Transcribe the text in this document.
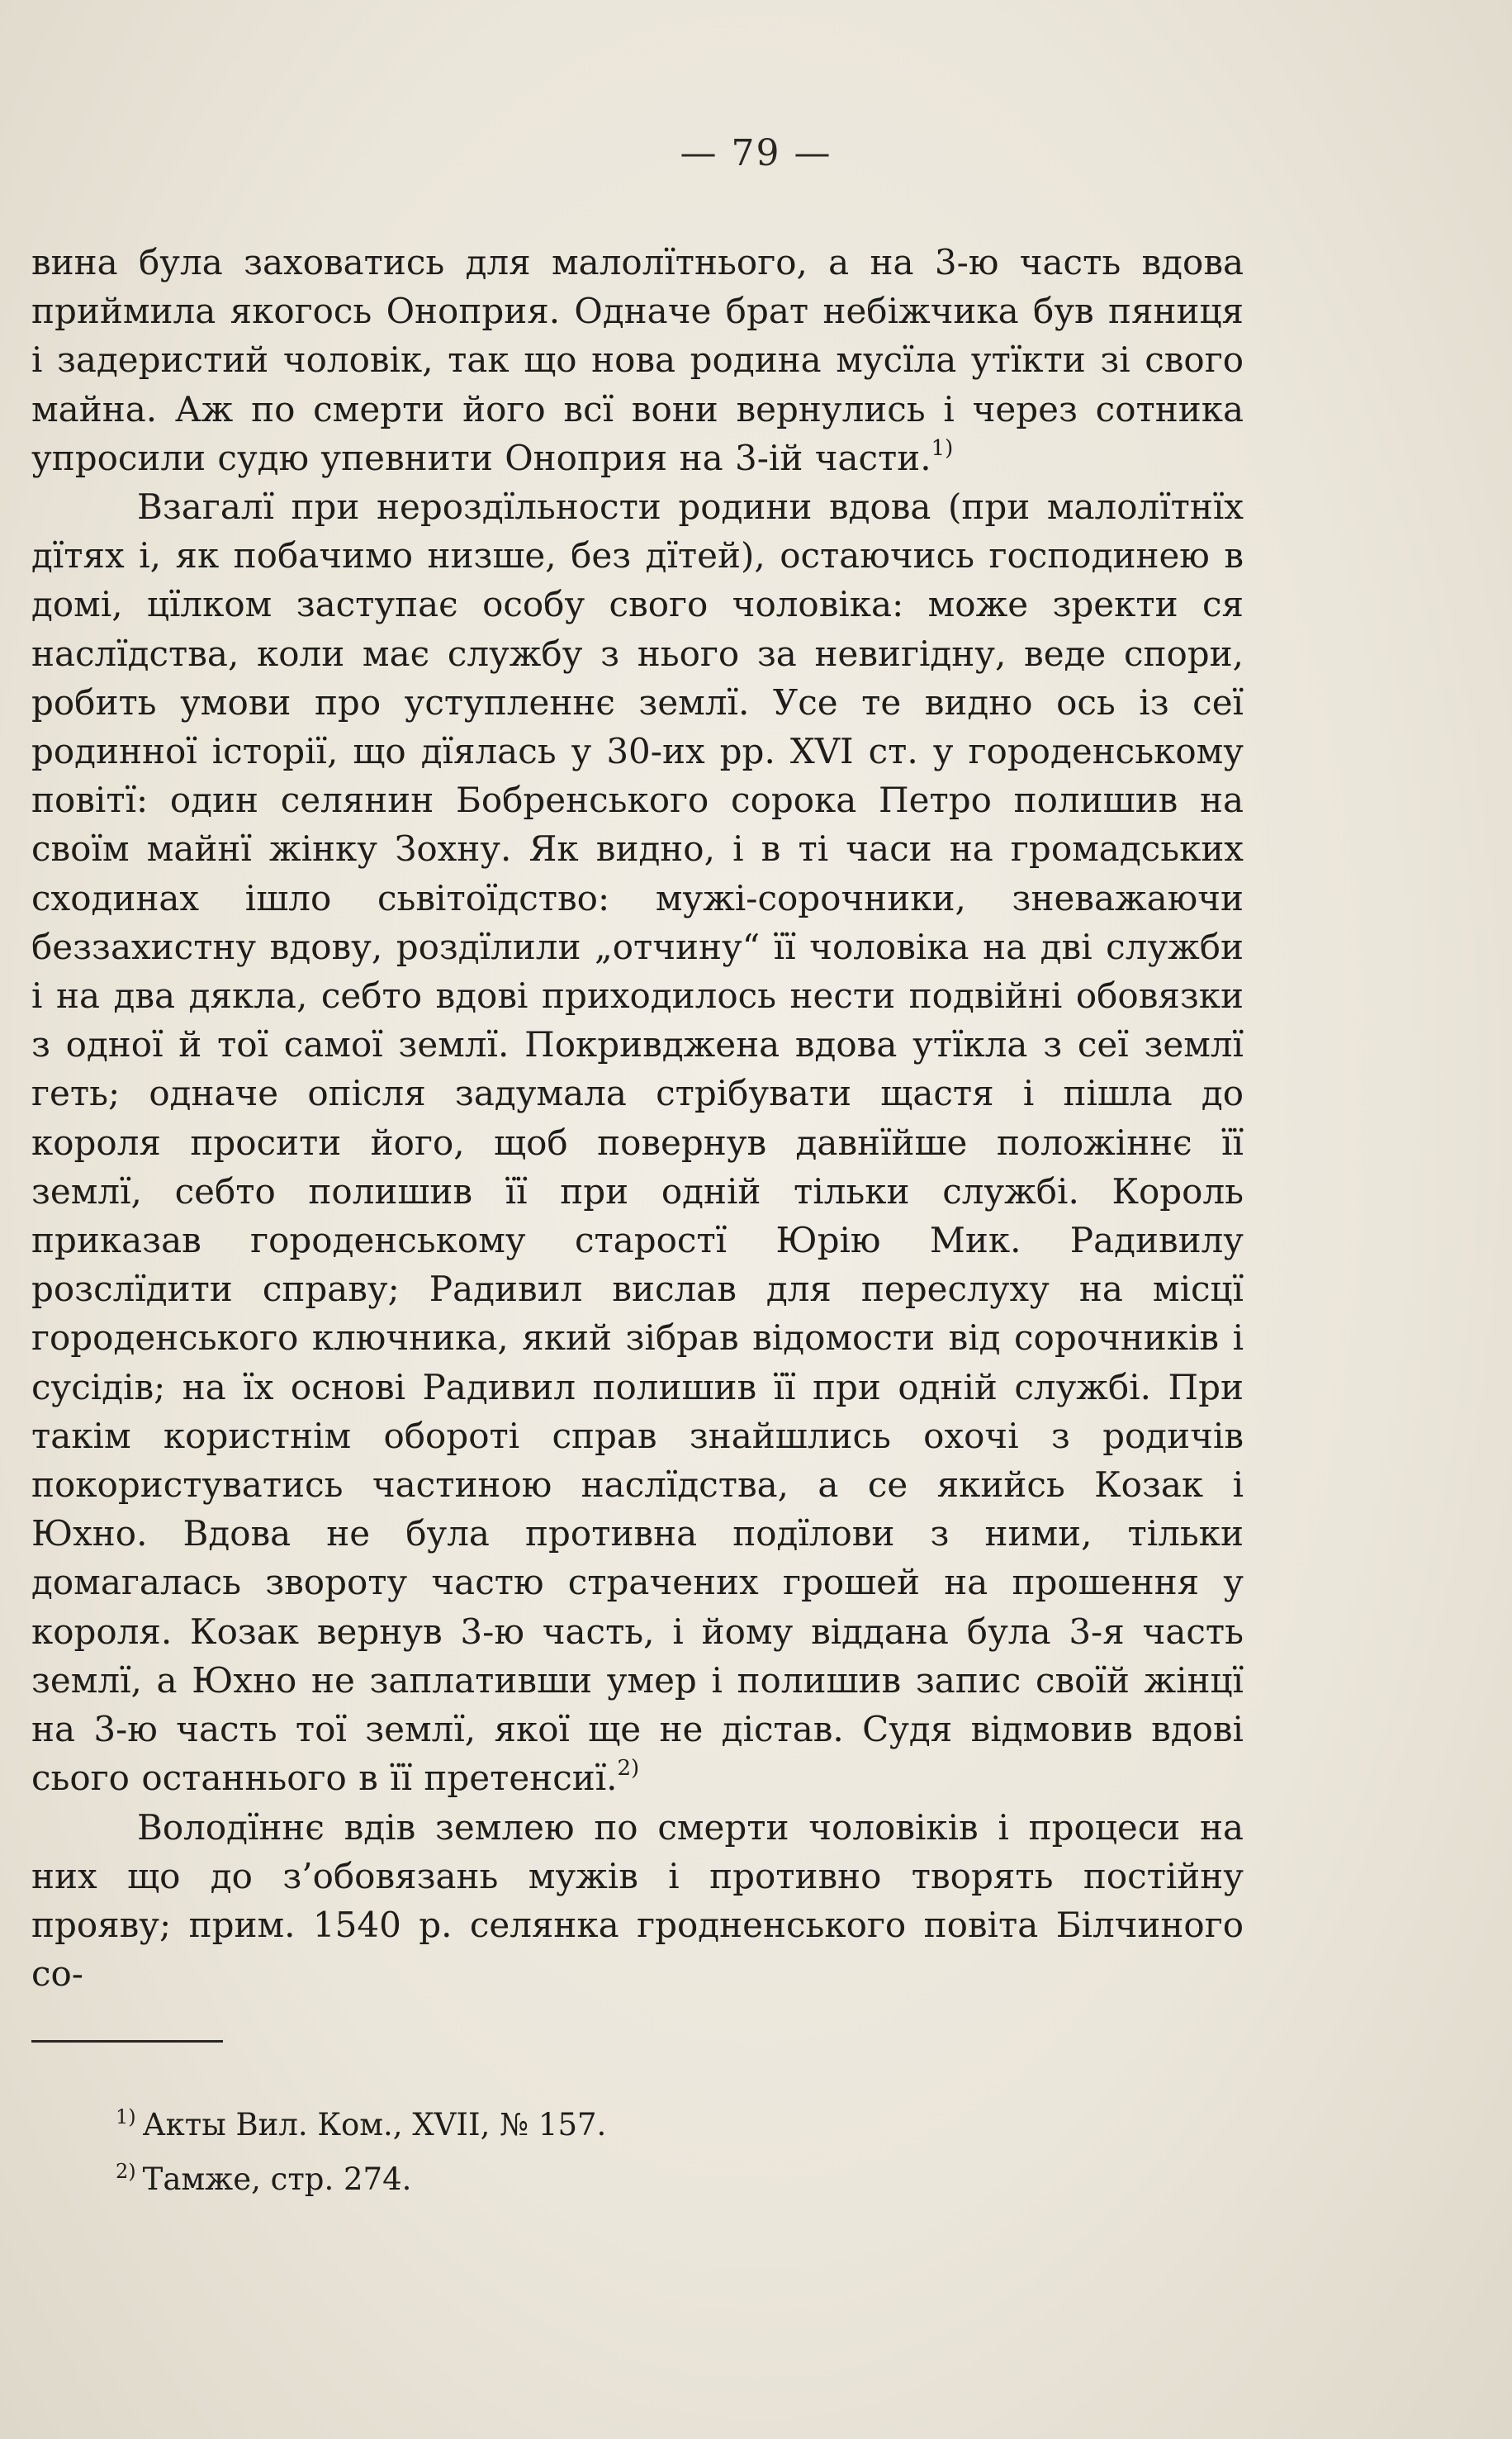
— 79 —

вина була заховатись для малолїтнього, а на 3-ю часть вдова приймила якогось Оноприя. Одначе брат небіжчика був пяниця і задеристий чоловік, так що нова родина мусїла утїкти зі свого майна. Аж по смерти його всї вони вернулись і через сотника упросили судю упевнити Оноприя на 3-ій части.$^{1)}$

Взагалї при нероздїльности родини вдова (при малолїтнїх дїтях і, як побачимо низше, без дїтей), остаючись господинею в домі, цїлком заступає особу свого чоловіка: може зректи ся наслїдства, коли має службу з нього за невигідну, веде спори, робить умови про уступленнє землї. Усе те видно ось із сеї родинної історії, що дїялась у 30-их рр. XVI ст. у городенському повітї: один селянин Бобренського сорока Петро полишив на своїм майнї жінку Зохну. Як видно, і в ті часи на громадських сходинах ішло сьвітоїдство: мужі-сорочники, зневажаючи беззахистну вдову, роздїлили „отчину“ її чоловіка на дві служби і на два дякла, себто вдові приходилось нести подвійні обовязки з одної й тої самої землї. Покривджена вдова утїкла з сеї землї геть; одначе опісля задумала стрібувати щастя і пішла до короля просити його, щоб повернув давнїйше положіннє її землї, себто полишив її при одній тільки службі. Король приказав городенському старостї Юрію Мик. Радивилу розслїдити справу; Радивил вислав для переслуху на місцї городенського ключника, який зібрав відомости від сорочників і сусідів; на їх основі Радивил полишив її при одній службі. При такім користнім обороті справ знайшлись охочі з родичів покористуватись частиною наслїдства, а се якийсь Козак і Юхно. Вдова не була противна подїлови з ними, тільки домагалась звороту частю страчених грошей на прошення у короля. Козак вернув 3-ю часть, і йому віддана була 3-я часть землї, а Юхно не заплативши умер і полишив запис своїй жінцї на 3-ю часть тої землї, якої ще не дістав. Судя відмовив вдові сього останнього в її претенсиї.$^{2)}$

Володїннє вдів землею по смерти чоловіків і процеси на них що до з’обовязань мужів і противно творять постійну прояву; прим. 1540 р. селянка гродненського повіта Білчиного со-

$^{1)}$ Акты Вил. Ком., XVII, № 157.
$^{2)}$ Тамже, стр. 274.
